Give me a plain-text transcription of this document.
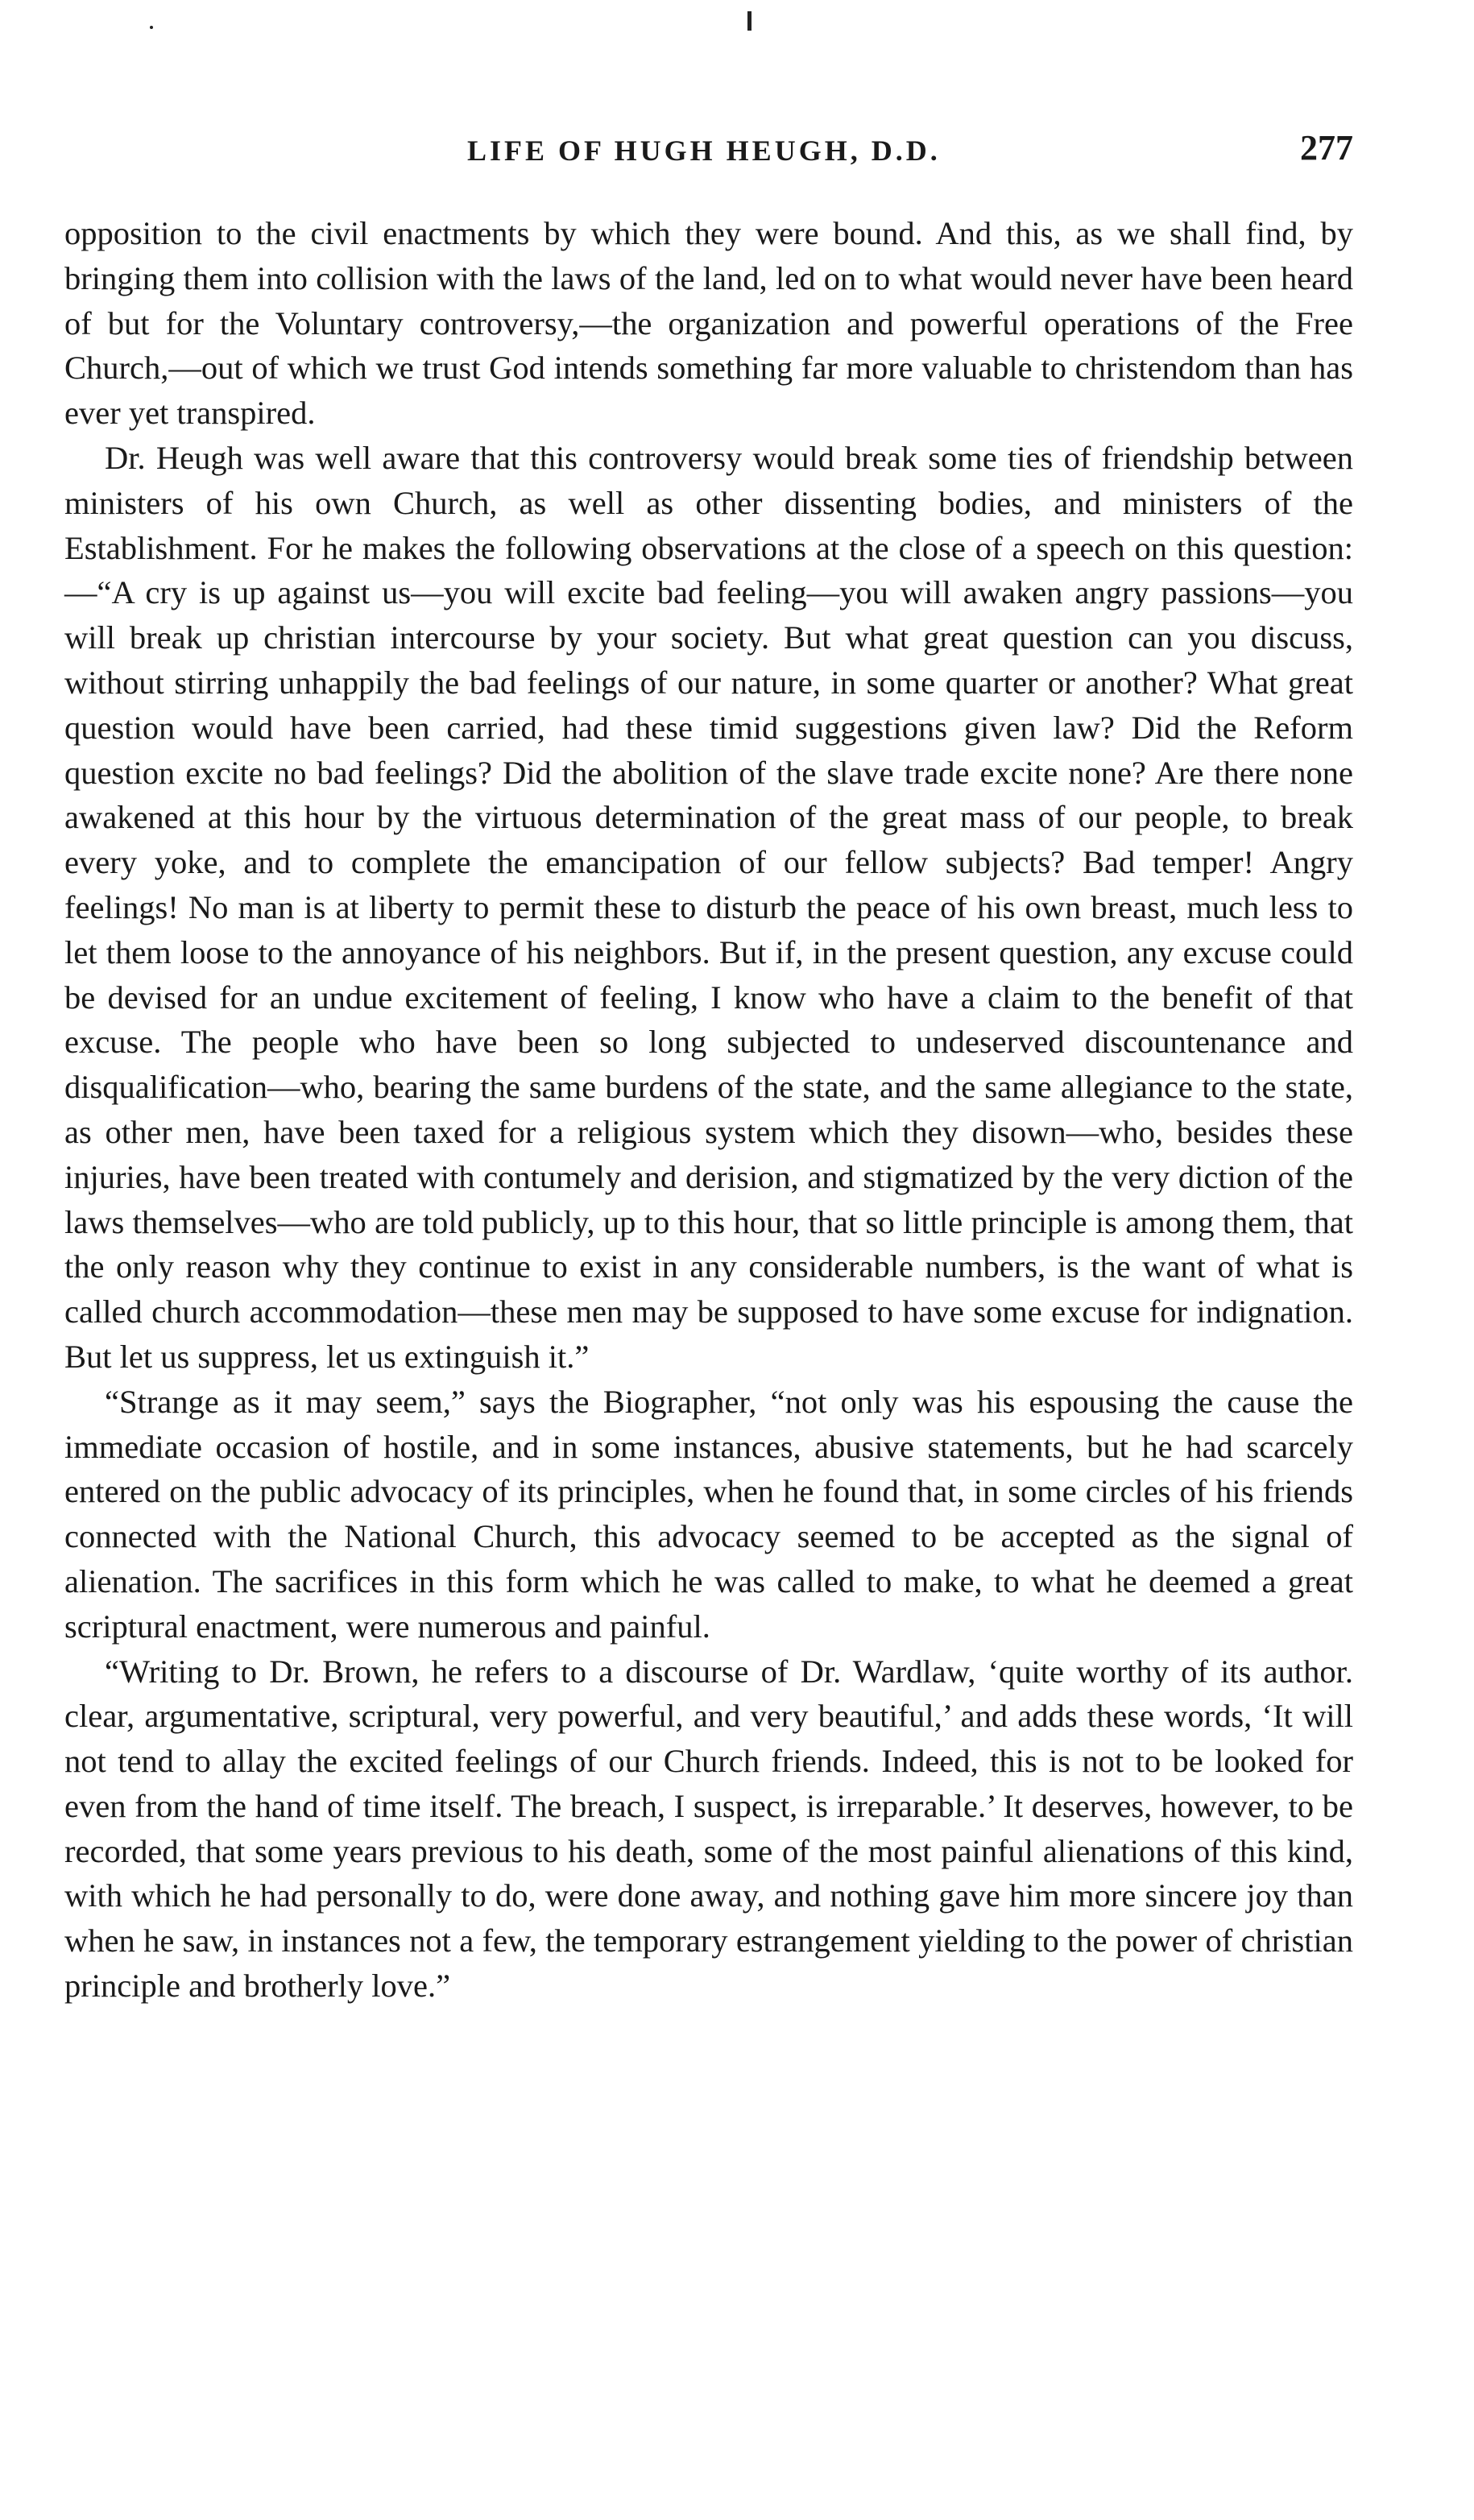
LIFE OF HUGH HEUGH, D.D.	277

opposition to the civil enactments by which they were bound. And this, as we shall find, by bringing them into collision with the laws of the land, led on to what would never have been heard of but for the Voluntary controversy,—the organization and powerful operations of the Free Church,—out of which we trust God intends something far more valuable to christendom than has ever yet transpired.

Dr. Heugh was well aware that this controversy would break some ties of friendship between ministers of his own Church, as well as other dissenting bodies, and ministers of the Establishment. For he makes the following observations at the close of a speech on this question:—“A cry is up against us—you will excite bad feeling—you will awaken angry passions—you will break up christian intercourse by your society. But what great question can you discuss, without stirring unhappily the bad feelings of our nature, in some quarter or another? What great question would have been carried, had these timid suggestions given law? Did the Reform question excite no bad feelings? Did the abolition of the slave trade excite none? Are there none awakened at this hour by the virtuous determination of the great mass of our people, to break every yoke, and to complete the emancipation of our fellow subjects? Bad temper! Angry feelings! No man is at liberty to permit these to disturb the peace of his own breast, much less to let them loose to the annoyance of his neighbors. But if, in the present question, any excuse could be devised for an undue excitement of feeling, I know who have a claim to the benefit of that excuse. The people who have been so long subjected to undeserved discountenance and disqualification—who, bearing the same burdens of the state, and the same allegiance to the state, as other men, have been taxed for a religious system which they disown—who, besides these injuries, have been treated with contumely and derision, and stigmatized by the very diction of the laws themselves—who are told publicly, up to this hour, that so little principle is among them, that the only reason why they continue to exist in any considerable numbers, is the want of what is called church accommodation—these men may be supposed to have some excuse for indignation. But let us suppress, let us extinguish it.”

“Strange as it may seem,” says the Biographer, “not only was his espousing the cause the immediate occasion of hostile, and in some instances, abusive statements, but he had scarcely entered on the public advocacy of its principles, when he found that, in some circles of his friends connected with the National Church, this advocacy seemed to be accepted as the signal of alienation. The sacrifices in this form which he was called to make, to what he deemed a great scriptural enactment, were numerous and painful.

“Writing to Dr. Brown, he refers to a discourse of Dr. Wardlaw, ‘quite worthy of its author. clear, argumentative, scriptural, very powerful, and very beautiful,’ and adds these words, ‘It will not tend to allay the excited feelings of our Church friends. Indeed, this is not to be looked for even from the hand of time itself. The breach, I suspect, is irreparable.’ It deserves, however, to be recorded, that some years previous to his death, some of the most painful alienations of this kind, with which he had personally to do, were done away, and nothing gave him more sincere joy than when he saw, in instances not a few, the temporary estrangement yielding to the power of christian principle and brotherly love.”
